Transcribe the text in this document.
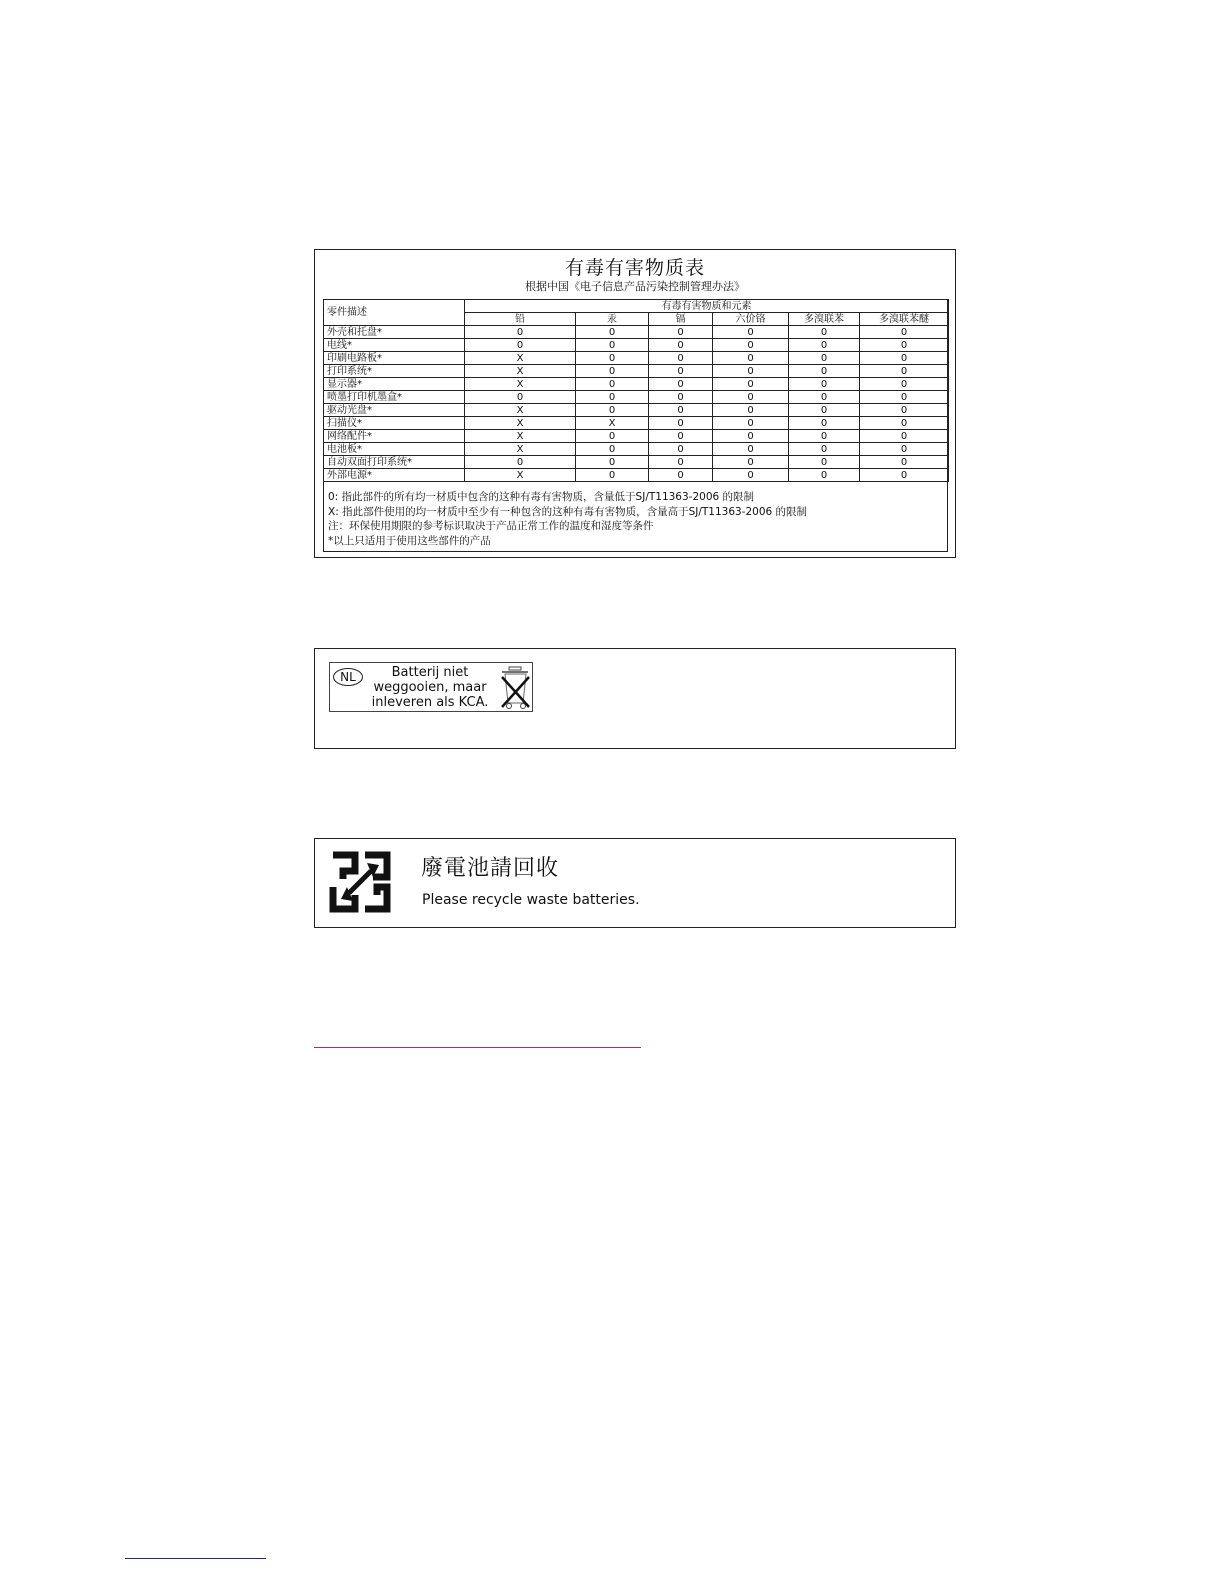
有毒有害物质表
根据中国《电子信息产品污染控制管理办法》
零件描述	有毒有害物质和元素					
	铅	汞	镉	六价铬	多溴联苯	多溴联苯醚
外壳和托盘*	0	0	0	0	0	0
电线*	0	0	0	0	0	0
印刷电路板*	X	0	0	0	0	0
打印系统*	X	0	0	0	0	0
显示器*	X	0	0	0	0	0
喷墨打印机墨盒*	0	0	0	0	0	0
驱动光盘*	X	0	0	0	0	0
扫描仪*	X	X	0	0	0	0
网络配件*	X	0	0	0	0	0
电池板*	X	0	0	0	0	0
自动双面打印系统*	0	0	0	0	0	0
外部电源*	X	0	0	0	0	0
0: 指此部件的所有均一材质中包含的这种有毒有害物质，含量低于SJ/T11363-2006 的限制
X: 指此部件使用的均一材质中至少有一种包含的这种有毒有害物质，含量高于SJ/T11363-2006 的限制
注：环保使用期限的参考标识取决于产品正常工作的温度和湿度等条件
*以上只适用于使用这些部件的产品
NL	Batterij niet
weggooien, maar
inleveren als KCA.
廢電池請回收
Please recycle waste batteries.
